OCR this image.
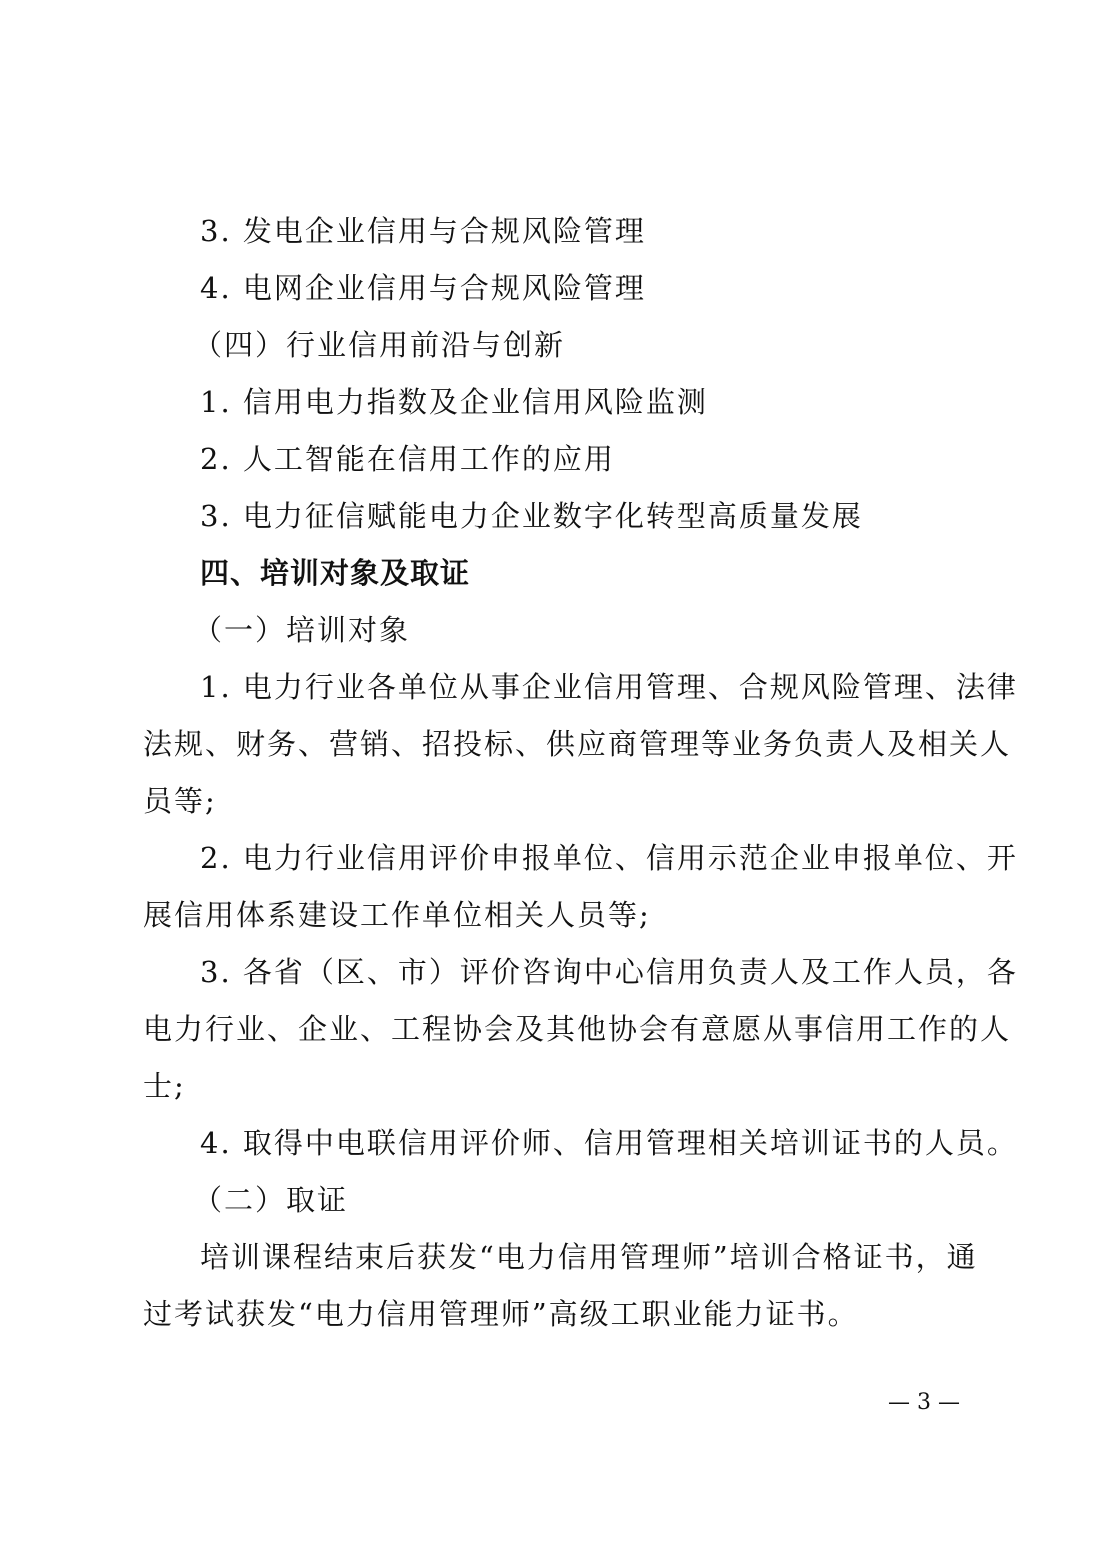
3. 发电企业信用与合规风险管理

4. 电网企业信用与合规风险管理

（四）行业信用前沿与创新

1. 信用电力指数及企业信用风险监测

2. 人工智能在信用工作的应用

3. 电力征信赋能电力企业数字化转型高质量发展

四、培训对象及取证

（一）培训对象

1. 电力行业各单位从事企业信用管理、合规风险管理、法律

法规、财务、营销、招投标、供应商管理等业务负责人及相关人

员等;

2. 电力行业信用评价申报单位、信用示范企业申报单位、开

展信用体系建设工作单位相关人员等;

3. 各省（区、市）评价咨询中心信用负责人及工作人员，各

电力行业、企业、工程协会及其他协会有意愿从事信用工作的人

士;

4. 取得中电联信用评价师、信用管理相关培训证书的人员。

（二）取证

培训课程结束后获发“电力信用管理师”培训合格证书，通

过考试获发“电力信用管理师”高级工职业能力证书。

— 3 —
